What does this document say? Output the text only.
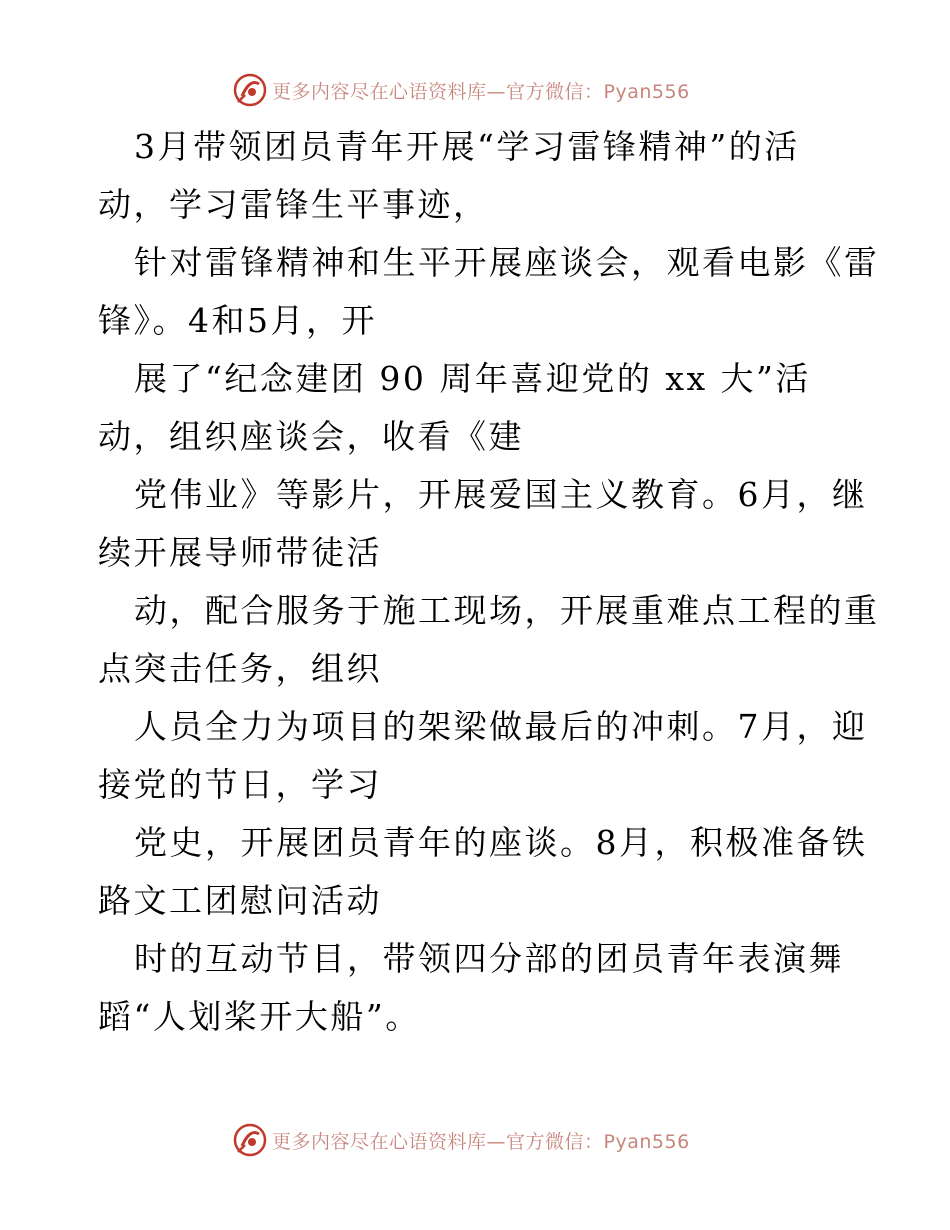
更多内容尽在心语资料库—官方微信：Pyan556

3月带领团员青年开展“学习雷锋精神”的活

动，学习雷锋生平事迹，

针对雷锋精神和生平开展座谈会，观看电影《雷

锋》。4和5月，开

展了“纪念建团 90 周年喜迎党的 xx 大”活

动，组织座谈会，收看《建

党伟业》等影片，开展爱国主义教育。6月，继

续开展导师带徒活

动，配合服务于施工现场，开展重难点工程的重

点突击任务，组织

人员全力为项目的架梁做最后的冲刺。7月，迎

接党的节日，学习

党史，开展团员青年的座谈。8月，积极准备铁

路文工团慰问活动

时的互动节目，带领四分部的团员青年表演舞

蹈“人划桨开大船”。

更多内容尽在心语资料库—官方微信：Pyan556
